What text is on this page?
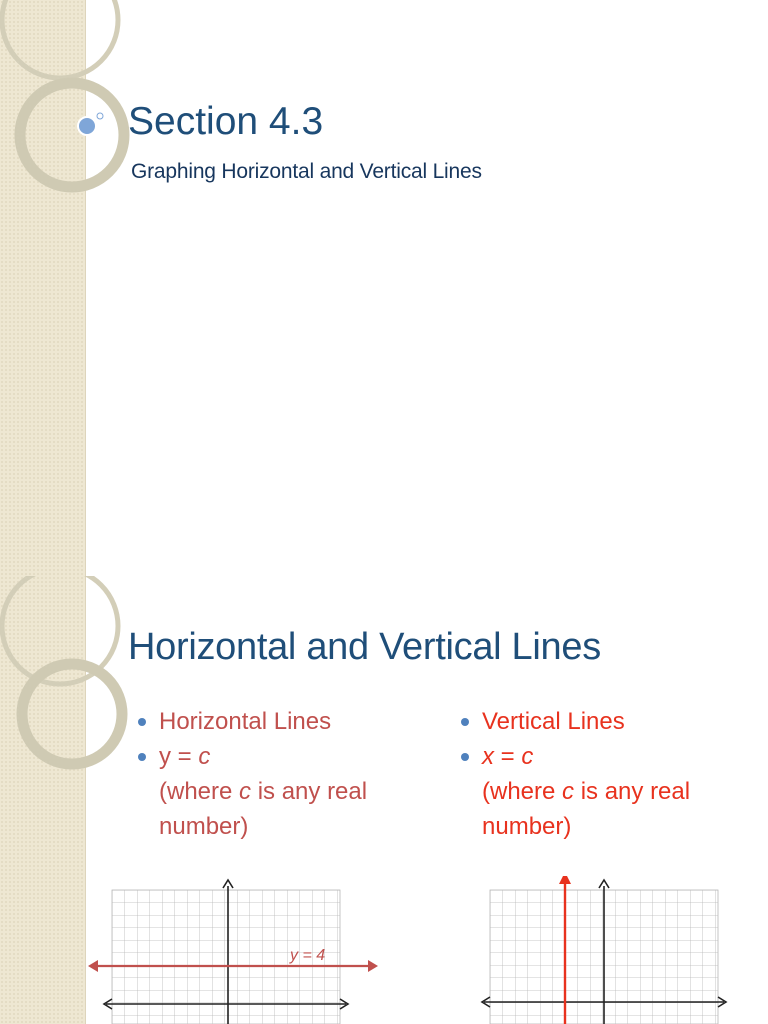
Section 4.3
Graphing Horizontal and Vertical Lines
Horizontal and Vertical Lines
Horizontal Lines
y = c
(where c is any real number)
Vertical Lines
x = c
(where c is any real number)
y = 4
